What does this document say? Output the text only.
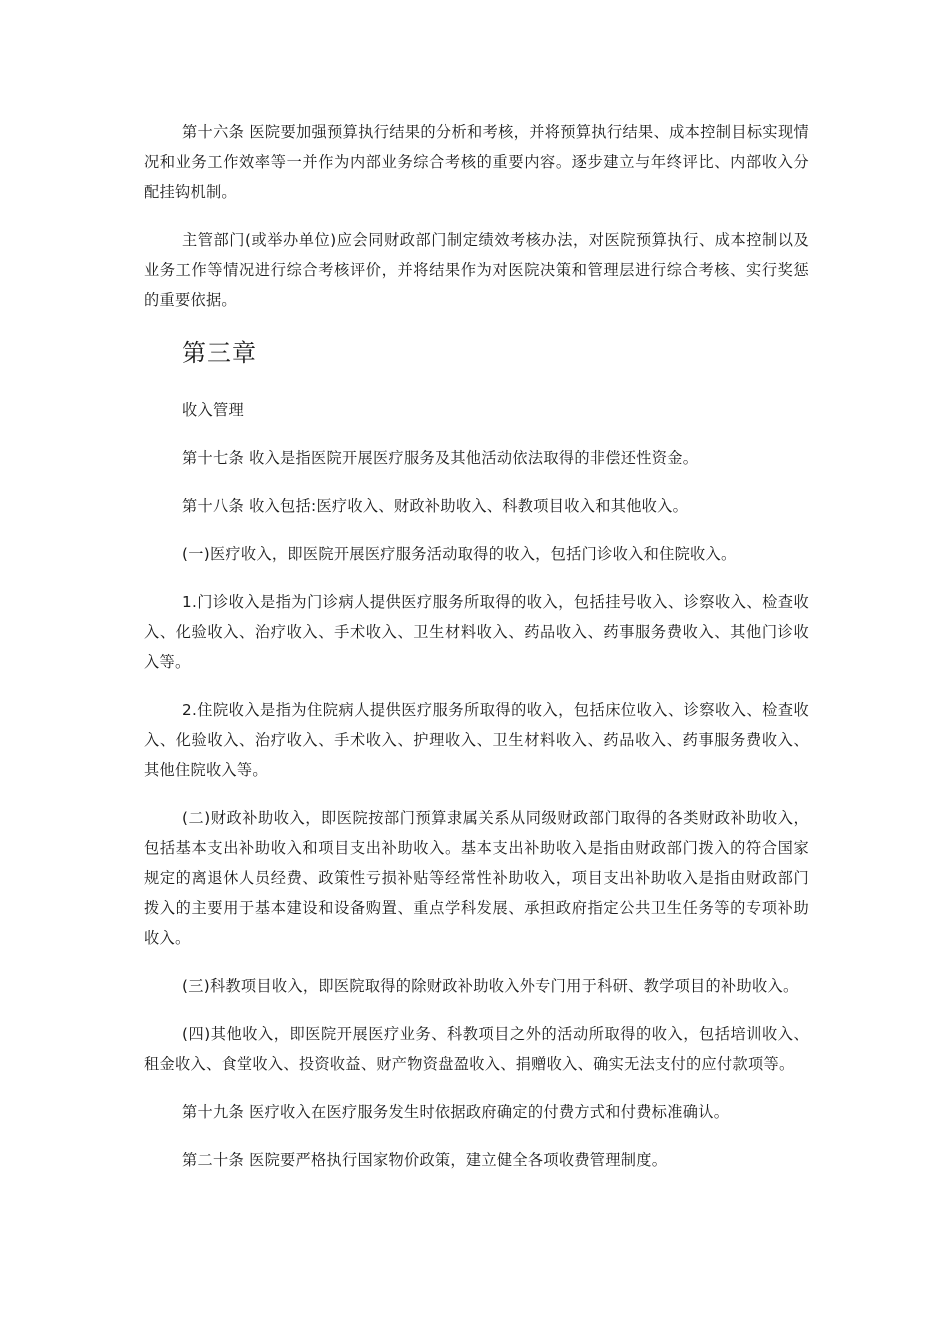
第十六条 医院要加强预算执行结果的分析和考核，并将预算执行结果、成本控制目标实现情况和业务工作效率等一并作为内部业务综合考核的重要内容。逐步建立与年终评比、内部收入分配挂钩机制。

主管部门(或举办单位)应会同财政部门制定绩效考核办法，对医院预算执行、成本控制以及业务工作等情况进行综合考核评价，并将结果作为对医院决策和管理层进行综合考核、实行奖惩的重要依据。

第三章
收入管理

第十七条 收入是指医院开展医疗服务及其他活动依法取得的非偿还性资金。

第十八条 收入包括:医疗收入、财政补助收入、科教项目收入和其他收入。

(一)医疗收入，即医院开展医疗服务活动取得的收入，包括门诊收入和住院收入。

1.门诊收入是指为门诊病人提供医疗服务所取得的收入，包括挂号收入、诊察收入、检查收入、化验收入、治疗收入、手术收入、卫生材料收入、药品收入、药事服务费收入、其他门诊收入等。

2.住院收入是指为住院病人提供医疗服务所取得的收入，包括床位收入、诊察收入、检查收入、化验收入、治疗收入、手术收入、护理收入、卫生材料收入、药品收入、药事服务费收入、其他住院收入等。

(二)财政补助收入，即医院按部门预算隶属关系从同级财政部门取得的各类财政补助收入，包括基本支出补助收入和项目支出补助收入。基本支出补助收入是指由财政部门拨入的符合国家规定的离退休人员经费、政策性亏损补贴等经常性补助收入，项目支出补助收入是指由财政部门拨入的主要用于基本建设和设备购置、重点学科发展、承担政府指定公共卫生任务等的专项补助收入。

(三)科教项目收入，即医院取得的除财政补助收入外专门用于科研、教学项目的补助收入。

(四)其他收入，即医院开展医疗业务、科教项目之外的活动所取得的收入，包括培训收入、租金收入、食堂收入、投资收益、财产物资盘盈收入、捐赠收入、确实无法支付的应付款项等。

第十九条 医疗收入在医疗服务发生时依据政府确定的付费方式和付费标准确认。

第二十条 医院要严格执行国家物价政策，建立健全各项收费管理制度。
